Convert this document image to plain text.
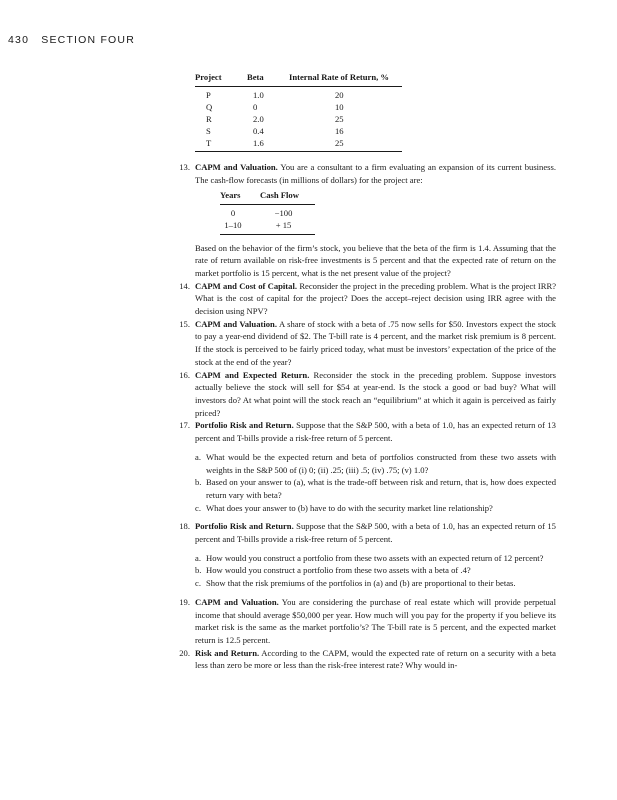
430 SECTION FOUR
Project	Beta	Internal Rate of Return, %
P	1.0	20
Q	0	10
R	2.0	25
S	0.4	16
T	1.6	25
13. CAPM and Valuation. You are a consultant to a firm evaluating an expansion of its current business. The cash-flow forecasts (in millions of dollars) for the project are:
Years	Cash Flow
0	−100
1–10	+ 15
Based on the behavior of the firm’s stock, you believe that the beta of the firm is 1.4. Assuming that the rate of return available on risk-free investments is 5 percent and that the expected rate of return on the market portfolio is 15 percent, what is the net present value of the project?
14. CAPM and Cost of Capital. Reconsider the project in the preceding problem. What is the project IRR? What is the cost of capital for the project? Does the accept–reject decision using IRR agree with the decision using NPV?
15. CAPM and Valuation. A share of stock with a beta of .75 now sells for $50. Investors expect the stock to pay a year-end dividend of $2. The T-bill rate is 4 percent, and the market risk premium is 8 percent. If the stock is perceived to be fairly priced today, what must be investors’ expectation of the price of the stock at the end of the year?
16. CAPM and Expected Return. Reconsider the stock in the preceding problem. Suppose investors actually believe the stock will sell for $54 at year-end. Is the stock a good or bad buy? What will investors do? At what point will the stock reach an “equilibrium” at which it again is perceived as fairly priced?
17. Portfolio Risk and Return. Suppose that the S&P 500, with a beta of 1.0, has an expected return of 13 percent and T-bills provide a risk-free return of 5 percent.
a. What would be the expected return and beta of portfolios constructed from these two assets with weights in the S&P 500 of (i) 0; (ii) .25; (iii) .5; (iv) .75; (v) 1.0?
b. Based on your answer to (a), what is the trade-off between risk and return, that is, how does expected return vary with beta?
c. What does your answer to (b) have to do with the security market line relationship?
18. Portfolio Risk and Return. Suppose that the S&P 500, with a beta of 1.0, has an expected return of 15 percent and T-bills provide a risk-free return of 5 percent.
a. How would you construct a portfolio from these two assets with an expected return of 12 percent?
b. How would you construct a portfolio from these two assets with a beta of .4?
c. Show that the risk premiums of the portfolios in (a) and (b) are proportional to their betas.
19. CAPM and Valuation. You are considering the purchase of real estate which will provide perpetual income that should average $50,000 per year. How much will you pay for the property if you believe its market risk is the same as the market portfolio’s? The T-bill rate is 5 percent, and the expected market return is 12.5 percent.
20. Risk and Return. According to the CAPM, would the expected rate of return on a security with a beta less than zero be more or less than the risk-free interest rate? Why would in-
